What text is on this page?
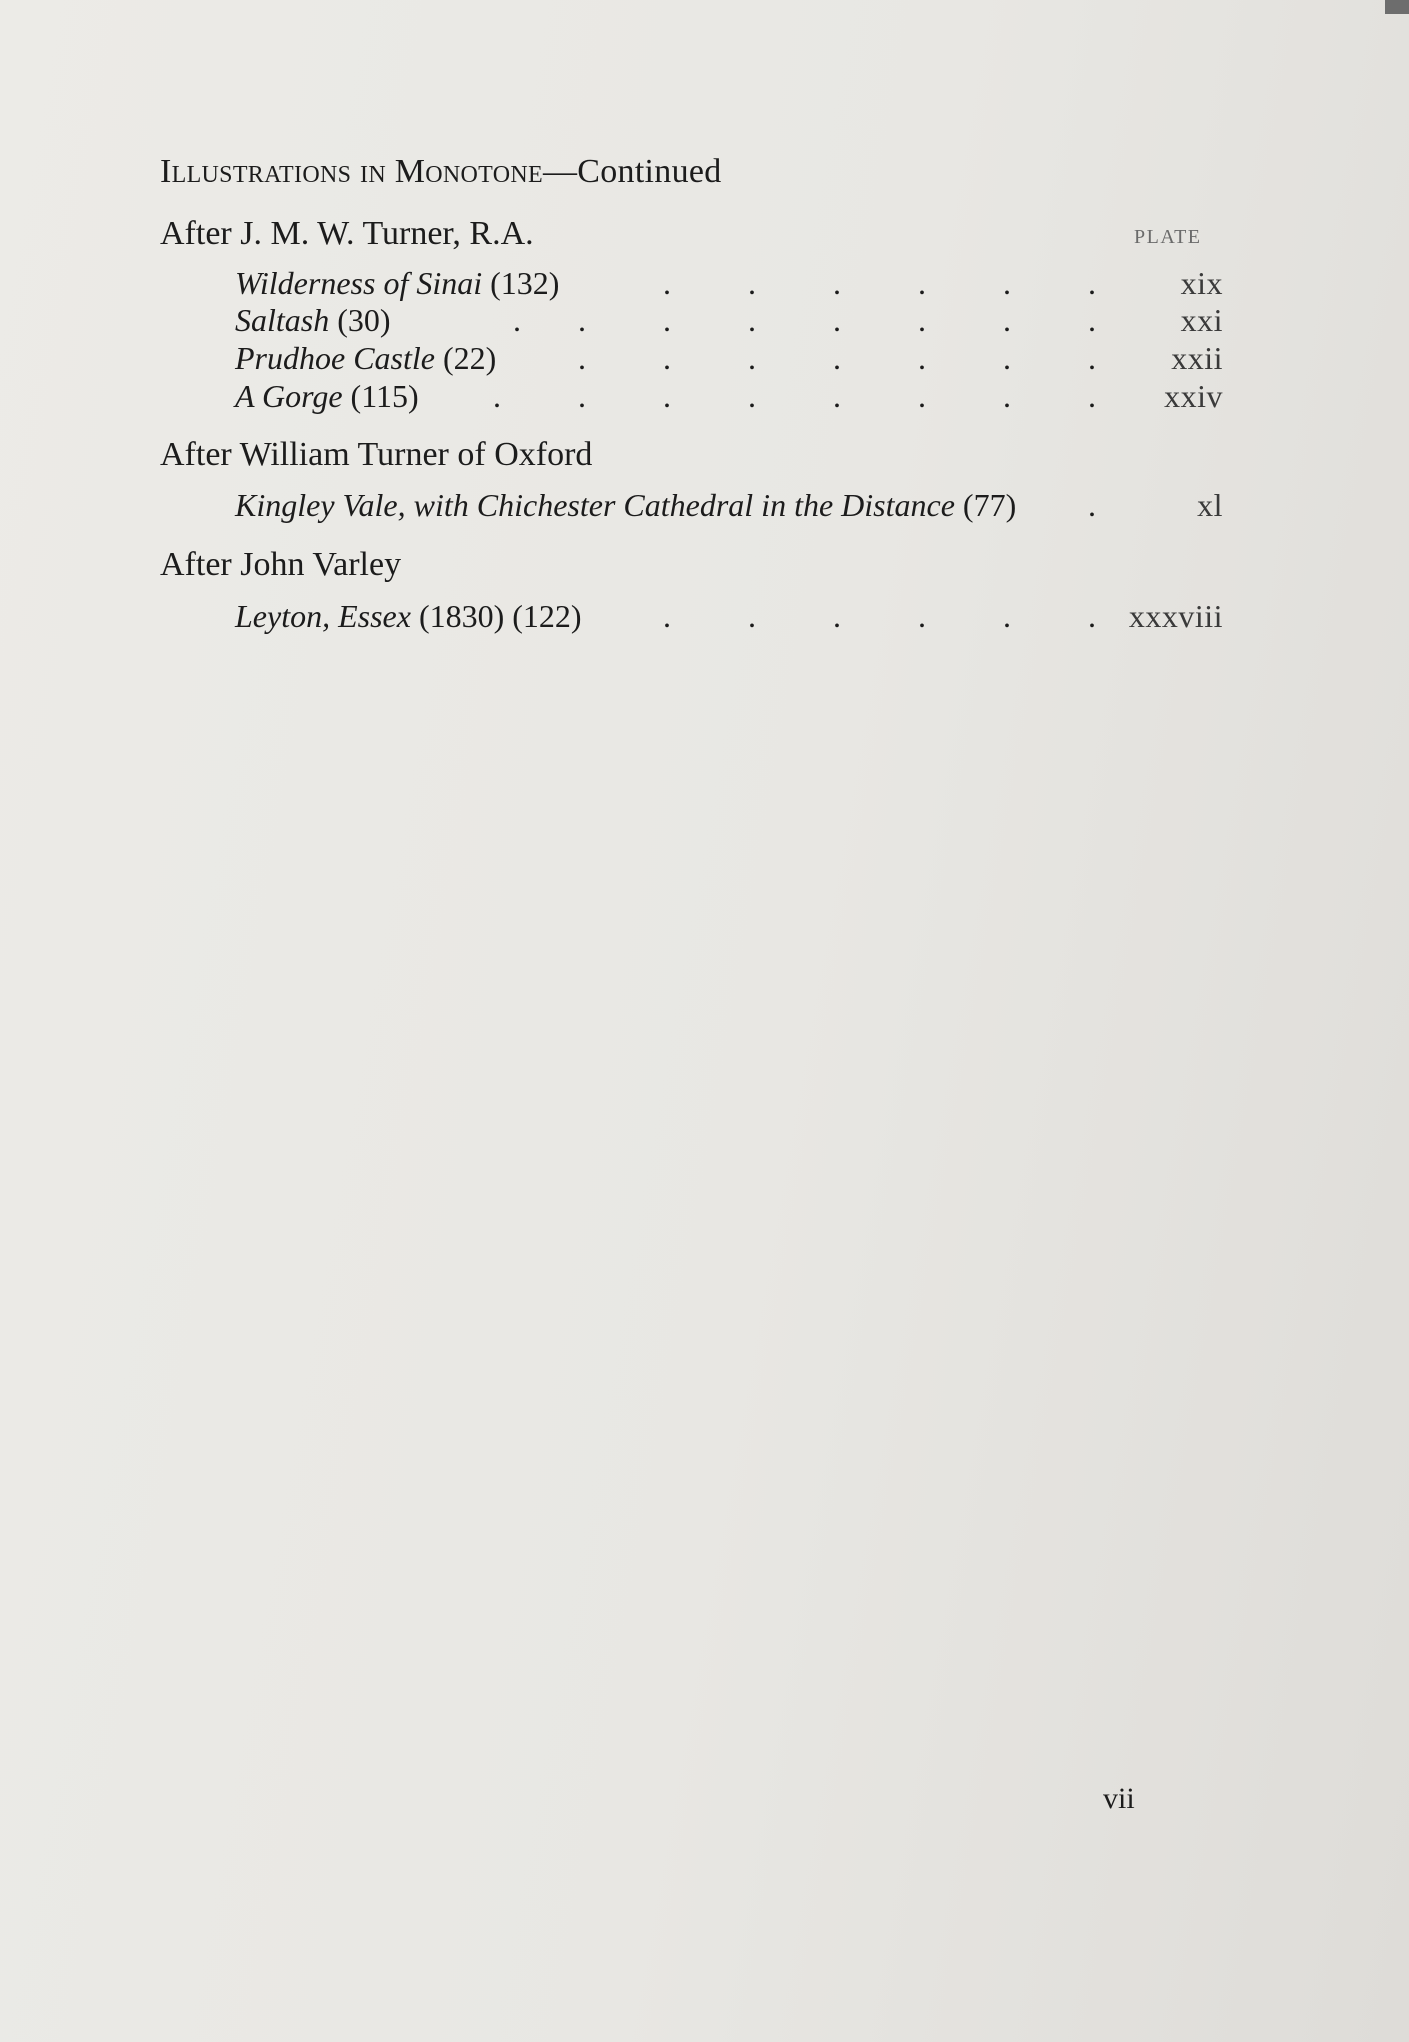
Illustrations in Monotone—Continued
PLATE
After J. M. W. Turner, R.A.
Wilderness of Sinai (132)	. . . . . .	xix
Saltash (30)	. . . . . . . .	xxi
Prudhoe Castle (22)	. . . . . . . xxii
A Gorge (115) . . . . . . . . xxiv
After William Turner of Oxford
Kingley Vale, with Chichester Cathedral in the Distance (77) .	xl
After John Varley
Leyton, Essex (1830) (122)	. . . . . . xxxviii
vii
